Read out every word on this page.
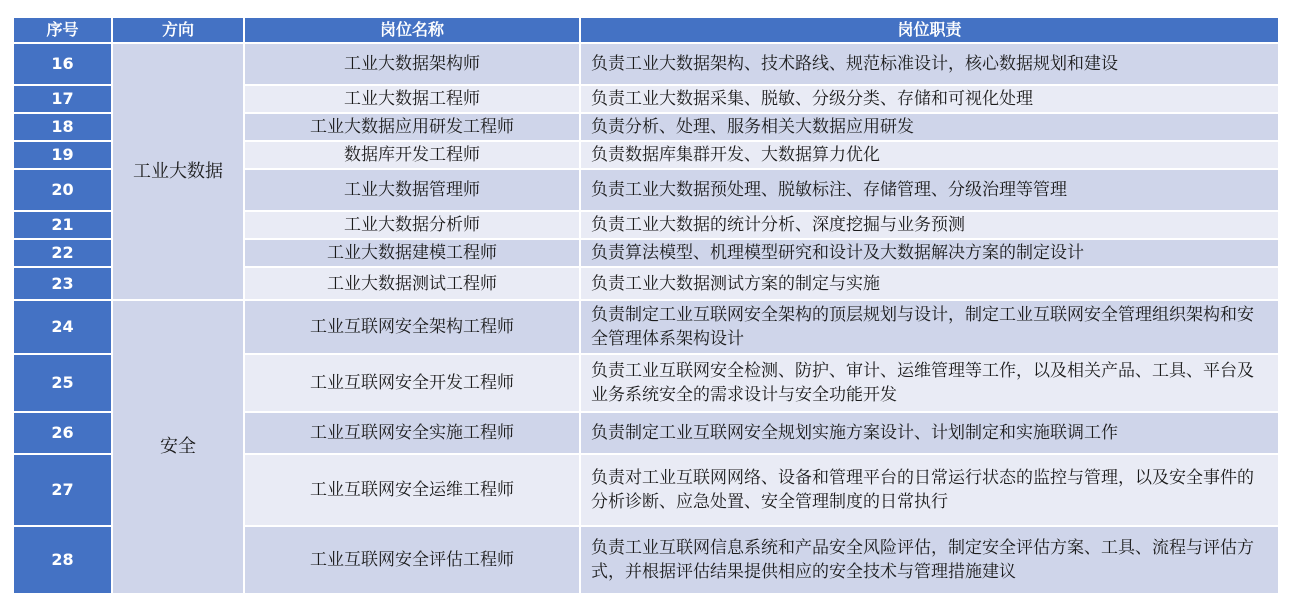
序号	方向	岗位名称	岗位职责
16	工业大数据	工业大数据架构师	负责工业大数据架构、技术路线、规范标准设计，核心数据规划和建设
17		工业大数据工程师	负责工业大数据采集、脱敏、分级分类、存储和可视化处理
18		工业大数据应用研发工程师	负责分析、处理、服务相关大数据应用研发
19		数据库开发工程师	负责数据库集群开发、大数据算力优化
20		工业大数据管理师	负责工业大数据预处理、脱敏标注、存储管理、分级治理等管理
21		工业大数据分析师	负责工业大数据的统计分析、深度挖掘与业务预测
22		工业大数据建模工程师	负责算法模型、机理模型研究和设计及大数据解决方案的制定设计
23		工业大数据测试工程师	负责工业大数据测试方案的制定与实施
24	安全	工业互联网安全架构工程师	负责制定工业互联网安全架构的顶层规划与设计，制定工业互联网安全管理组织架构和安全管理体系架构设计
25		工业互联网安全开发工程师	负责工业互联网安全检测、防护、审计、运维管理等工作，以及相关产品、工具、平台及业务系统安全的需求设计与安全功能开发
26		工业互联网安全实施工程师	负责制定工业互联网安全规划实施方案设计、计划制定和实施联调工作
27		工业互联网安全运维工程师	负责对工业互联网网络、设备和管理平台的日常运行状态的监控与管理，以及安全事件的分析诊断、应急处置、安全管理制度的日常执行
28		工业互联网安全评估工程师	负责工业互联网信息系统和产品安全风险评估，制定安全评估方案、工具、流程与评估方式，并根据评估结果提供相应的安全技术与管理措施建议
